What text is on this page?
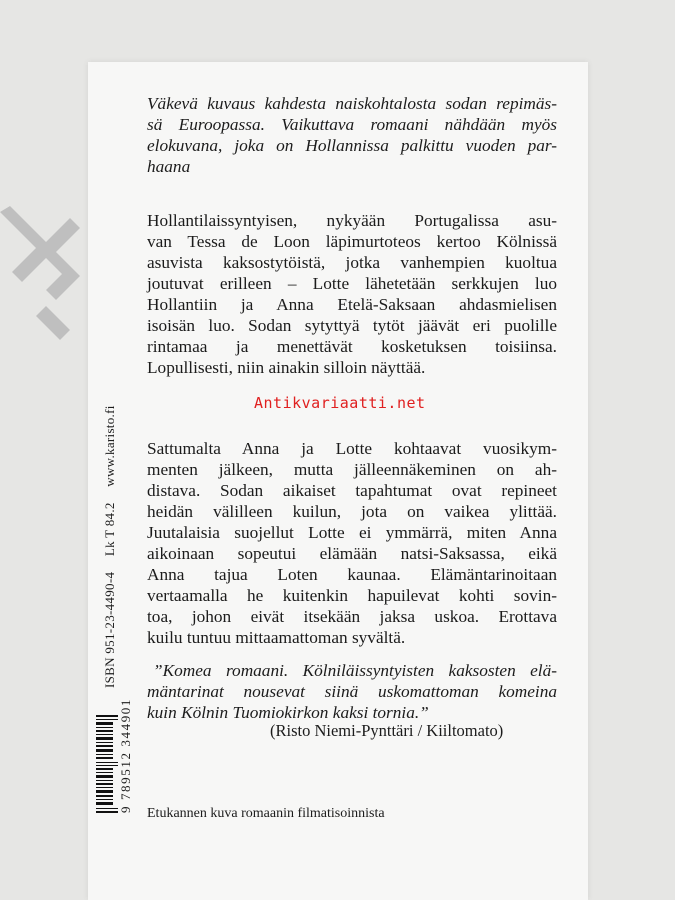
ISBN 951-23-4490-4 Lk T 84.2 www.karisto.fi
9 789512 344901
Väkevä kuvaus kahdesta naiskohtalosta sodan repimäs-
sä Euroopassa. Vaikuttava romaani nähdään myös
elokuvana, joka on Hollannissa palkittu vuoden par-
haana
Hollantilaissyntyisen, nykyään Portugalissa asu-
van Tessa de Loon läpimurtoteos kertoo Kölnissä
asuvista kaksostytöistä, jotka vanhempien kuoltua
joutuvat erilleen – Lotte lähetetään serkkujen luo
Hollantiin ja Anna Etelä-Saksaan ahdasmielisen
isoisän luo. Sodan sytyttyä tytöt jäävät eri puolille
rintamaa ja menettävät kosketuksen toisiinsa.
Lopullisesti, niin ainakin silloin näyttää.
Antikvariaatti.net
Sattumalta Anna ja Lotte kohtaavat vuosikym-
menten jälkeen, mutta jälleennäkeminen on ah-
distava. Sodan aikaiset tapahtumat ovat repineet
heidän välilleen kuilun, jota on vaikea ylittää.
Juutalaisia suojellut Lotte ei ymmärrä, miten Anna
aikoinaan sopeutui elämään natsi-Saksassa, eikä
Anna tajua Loten kaunaa. Elämäntarinoitaan
vertaamalla he kuitenkin hapuilevat kohti sovin-
toa, johon eivät itsekään jaksa uskoa. Erottava
kuilu tuntuu mittaamattoman syvältä.
”Komea romaani. Kölniläissyntyisten kaksosten elä-
mäntarinat nousevat siinä uskomattoman komeina
kuin Kölnin Tuomiokirkon kaksi tornia.”
(Risto Niemi-Pynttäri / Kiiltomato)
Etukannen kuva romaanin filmatisoinnista
